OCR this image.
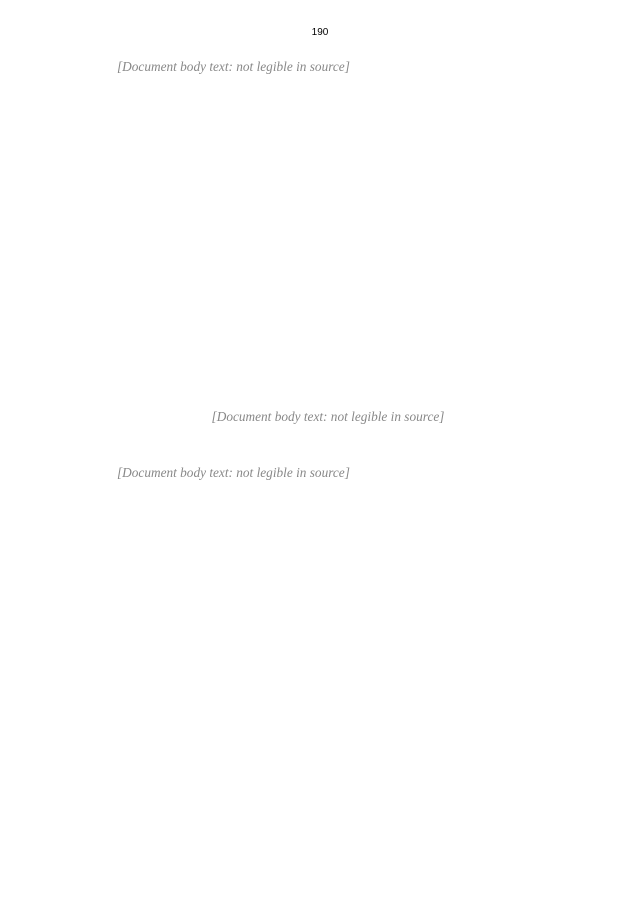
190

[Document body text: not legible in source]

[Document body text: not legible in source]

[Document body text: not legible in source]
